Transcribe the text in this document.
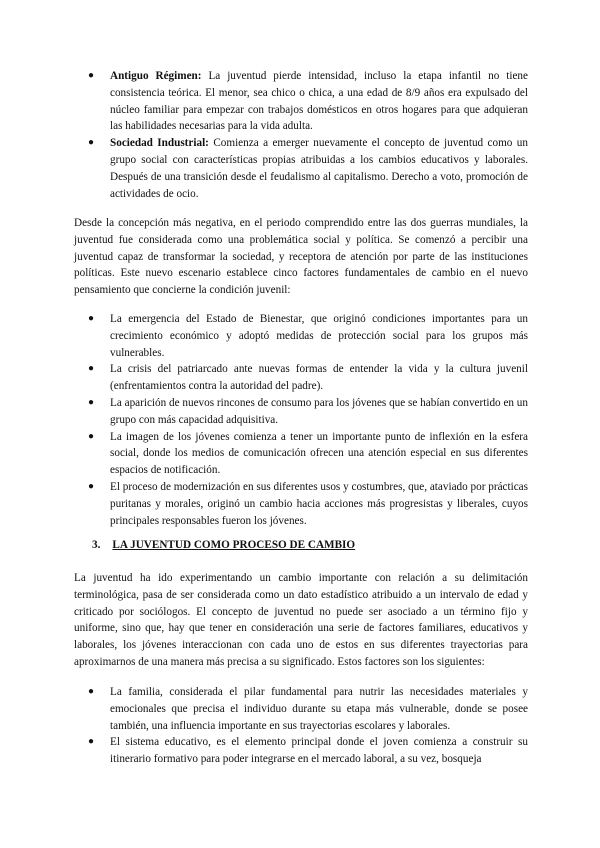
● Antiguo Régimen: La juventud pierde intensidad, incluso la etapa infantil no tiene consistencia teórica. El menor, sea chico o chica, a una edad de 8/9 años era expulsado del núcleo familiar para empezar con trabajos domésticos en otros hogares para que adquieran las habilidades necesarias para la vida adulta.
● Sociedad Industrial: Comienza a emerger nuevamente el concepto de juventud como un grupo social con características propias atribuidas a los cambios educativos y laborales. Después de una transición desde el feudalismo al capitalismo. Derecho a voto, promoción de actividades de ocio.

Desde la concepción más negativa, en el periodo comprendido entre las dos guerras mundiales, la juventud fue considerada como una problemática social y política. Se comenzó a percibir una juventud capaz de transformar la sociedad, y receptora de atención por parte de las instituciones políticas. Este nuevo escenario establece cinco factores fundamentales de cambio en el nuevo pensamiento que concierne la condición juvenil:

● La emergencia del Estado de Bienestar, que originó condiciones importantes para un crecimiento económico y adoptó medidas de protección social para los grupos más vulnerables.
● La crisis del patriarcado ante nuevas formas de entender la vida y la cultura juvenil (enfrentamientos contra la autoridad del padre).
● La aparición de nuevos rincones de consumo para los jóvenes que se habían convertido en un grupo con más capacidad adquisitiva.
● La imagen de los jóvenes comienza a tener un importante punto de inflexión en la esfera social, donde los medios de comunicación ofrecen una atención especial en sus diferentes espacios de notificación.
● El proceso de modernización en sus diferentes usos y costumbres, que, ataviado por prácticas puritanas y morales, originó un cambio hacia acciones más progresistas y liberales, cuyos principales responsables fueron los jóvenes.
3. LA JUVENTUD COMO PROCESO DE CAMBIO

La juventud ha ido experimentando un cambio importante con relación a su delimitación terminológica, pasa de ser considerada como un dato estadístico atribuido a un intervalo de edad y criticado por sociólogos. El concepto de juventud no puede ser asociado a un término fijo y uniforme, sino que, hay que tener en consideración una serie de factores familiares, educativos y laborales, los jóvenes interaccionan con cada uno de estos en sus diferentes trayectorias para aproximarnos de una manera más precisa a su significado. Estos factores son los siguientes:

● La familia, considerada el pilar fundamental para nutrir las necesidades materiales y emocionales que precisa el individuo durante su etapa más vulnerable, donde se posee también, una influencia importante en sus trayectorias escolares y laborales.
● El sistema educativo, es el elemento principal donde el joven comienza a construir su itinerario formativo para poder integrarse en el mercado laboral, a su vez, bosqueja
